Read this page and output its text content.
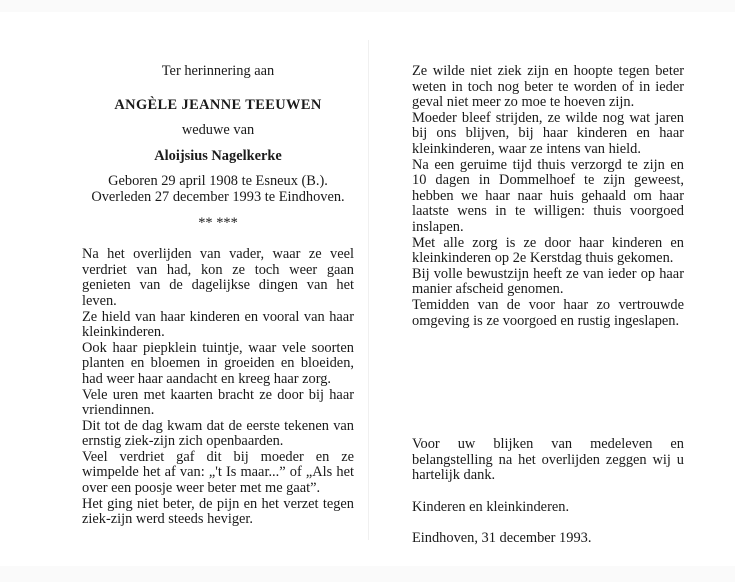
Ter herinnering aan
ANGÈLE JEANNE TEEUWEN
weduwe van
Aloijsius Nagelkerke
Geboren 29 april 1908 te Esneux (B.).
Overleden 27 december 1993 te Eindhoven.
** ***

Na het overlijden van vader, waar ze veel verdriet van had, kon ze toch weer gaan genieten van de dagelijkse dingen van het leven.

Ze hield van haar kinderen en vooral van haar kleinkinderen.

Ook haar piepklein tuintje, waar vele soorten planten en bloemen in groeiden en bloeiden, had weer haar aandacht en kreeg haar zorg.

Vele uren met kaarten bracht ze door bij haar vriendinnen.

Dit tot de dag kwam dat de eerste tekenen van ernstig ziek-zijn zich openbaarden.

Veel verdriet gaf dit bij moeder en ze wimpelde het af van: „'t Is maar...” of „Als het over een poosje weer beter met me gaat”.

Het ging niet beter, de pijn en het verzet tegen ziek-zijn werd steeds heviger.

Ze wilde niet ziek zijn en hoopte tegen beter weten in toch nog beter te worden of in ieder geval niet meer zo moe te hoeven zijn.

Moeder bleef strijden, ze wilde nog wat jaren bij ons blijven, bij haar kinderen en haar kleinkinderen, waar ze intens van hield.

Na een geruime tijd thuis verzorgd te zijn en 10 dagen in Dommelhoef te zijn geweest, hebben we haar naar huis gehaald om haar laatste wens in te willigen: thuis voorgoed inslapen.

Met alle zorg is ze door haar kinderen en kleinkinderen op 2e Kerstdag thuis gekomen.

Bij volle bewustzijn heeft ze van ieder op haar manier afscheid genomen.

Temidden van de voor haar zo vertrouwde omgeving is ze voorgoed en rustig ingeslapen.

Voor uw blijken van medeleven en belangstelling na het overlijden zeggen wij u hartelijk dank.

Kinderen en kleinkinderen.
Eindhoven, 31 december 1993.
